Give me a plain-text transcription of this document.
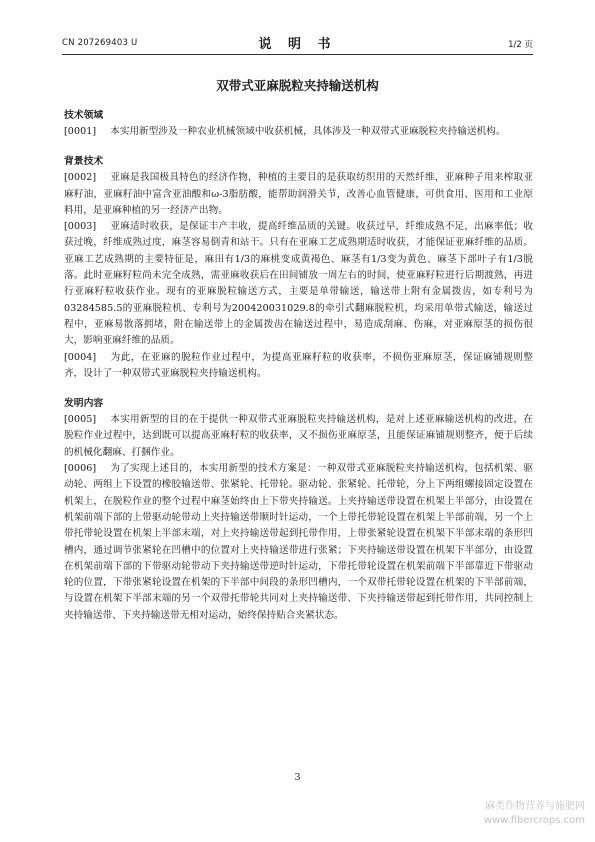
CN 207269403 U	说 明 书	1/2 页
双带式亚麻脱粒夹持输送机构
技术领域

[0001] 本实用新型涉及一种农业机械领域中收获机械，具体涉及一种双带式亚麻脱粒夹持输送机构。

背景技术

[0002] 亚麻是我国极具特色的经济作物，种植的主要目的是获取纺织用的天然纤维，亚麻种子用来榨取亚麻籽油，亚麻籽油中富含亚油酸和ω-3脂肪酸，能帮助润滑关节，改善心血管健康，可供食用、医用和工业原料用，是亚麻种植的另一经济产出物。

[0003] 亚麻适时收获，是保证丰产丰收，提高纤维品质的关键。收获过早，纤维成熟不足，出麻率低；收获过晚，纤维成熟过度，麻茎容易倒青和站干。只有在亚麻工艺成熟期适时收获，才能保证亚麻纤维的品质。亚麻工艺成熟期的主要特征是，麻田有1/3的麻桃变成黄褐色、麻茎有1/3变为黄色、麻茎下部叶子有1/3脱落。此时亚麻籽粒尚未完全成熟，需亚麻收获后在田间铺放一周左右的时间，使亚麻籽粒进行后期渡熟，再进行亚麻籽粒收获作业。现有的亚麻脱粒输送方式，主要是单带输送，输送带上附有金属拨齿，如专利号为03284585.5的亚麻脱粒机、专利号为200420031029.8的牵引式翻麻脱粒机，均采用单带式输送，输送过程中，亚麻易散落拥堵，附在输送带上的金属拨齿在输送过程中，易造成刮麻、伤麻，对亚麻原茎的损伤很大，影响亚麻纤维的品质。

[0004] 为此，在亚麻的脱粒作业过程中，为提高亚麻籽粒的收获率，不损伤亚麻原茎，保证麻铺规则整齐，设计了一种双带式亚麻脱粒夹持输送机构。

发明内容

[0005] 本实用新型的目的在于提供一种双带式亚麻脱粒夹持输送机构，是对上述亚麻输送机构的改进，在脱粒作业过程中，达到既可以提高亚麻籽粒的收获率，又不损伤亚麻原茎，且能保证麻铺规则整齐，便于后续的机械化翻麻、打捆作业。

[0006] 为了实现上述目的，本实用新型的技术方案是：一种双带式亚麻脱粒夹持输送机构，包括机架、驱动轮、两组上下设置的橡胶输送带、张紧轮、托带轮。驱动轮、张紧轮、托带轮，分上下两组螺接固定设置在机架上，在脱粒作业的整个过程中麻茎始终由上下带夹持输送。上夹持输送带设置在机架上半部分，由设置在机架前端下部的上带驱动轮带动上夹持输送带顺时针运动，一个上带托带轮设置在机架上半部前端，另一个上带托带轮设置在机架上半部末端，对上夹持输送带起到托带作用，上带张紧轮设置在机架下半部末端的条形凹槽内，通过调节张紧轮在凹槽中的位置对上夹持输送带进行张紧；下夹持输送带设置在机架下半部分，由设置在机架前端下部的下带驱动轮带动下夹持输送带逆时针运动，下带托带轮设置在机架前端下半部靠近下带驱动轮的位置，下带张紧轮设置在机架的下半部中间段的条形凹槽内，一个双带托带轮设置在机架的下半部前端，与设置在机架下半部末端的另一个双带托带轮共同对上夹持输送带、下夹持输送带起到托带作用，共同控制上夹持输送带、下夹持输送带无相对运动，始终保持贴合夹紧状态。

3
麻类作物营养与施肥网
www.fibercrops.com
